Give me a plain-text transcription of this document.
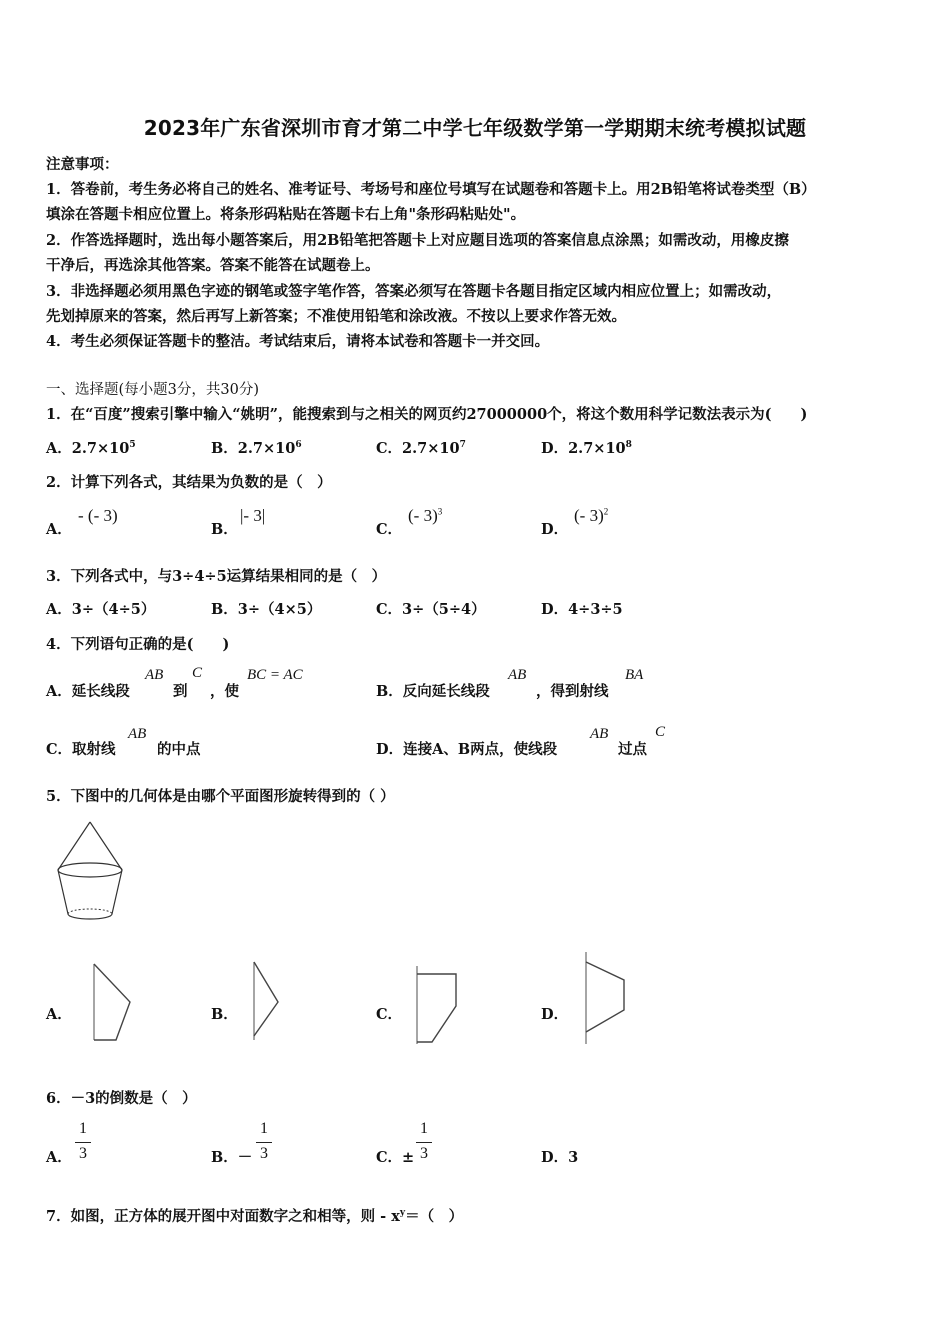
2023年广东省深圳市育才第二中学七年级数学第一学期期末统考模拟试题
注意事项：
1．答卷前，考生务必将自己的姓名、准考证号、考场号和座位号填写在试题卷和答题卡上。用2B铅笔将试卷类型（B）
填涂在答题卡相应位置上。将条形码粘贴在答题卡右上角"条形码粘贴处"。
2．作答选择题时，选出每小题答案后，用2B铅笔把答题卡上对应题目选项的答案信息点涂黑；如需改动，用橡皮擦
干净后，再选涂其他答案。答案不能答在试题卷上。
3．非选择题必须用黑色字迹的钢笔或签字笔作答，答案必须写在答题卡各题目指定区域内相应位置上；如需改动，
先划掉原来的答案，然后再写上新答案；不准使用铅笔和涂改液。不按以上要求作答无效。
4．考生必须保证答题卡的整洁。考试结束后，请将本试卷和答题卡一并交回。
一、选择题(每小题3分，共30分)
1．在“百度”搜索引擎中输入“姚明”，能搜索到与之相关的网页约27000000个，将这个数用科学记数法表示为(　　)
A．$2.7\times 10^5$	B．$2.7\times 10^6$	C．$2.7\times 10^7$	D．$2.7\times 10^8$
2．计算下列各式，其结果为负数的是（　）
A．
- (- 3)
B．
|- 3|
C．
(- 3)$^3$
D．
(- 3)$^2$
3．下列各式中，与3÷4÷5运算结果相同的是（　）
A．3÷（4÷5）	B．3÷（4×5）	C．3÷（5÷4）	D．4÷3÷5
4．下列语句正确的是(　　)
A．延长线段
AB
到
C
，使
BC = AC
B．反向延长线段
AB
，得到射线
BA
C．取射线
AB
的中点	D．连接A、B两点，使线段
AB
过点
C
5．下图中的几何体是由哪个平面图形旋转得到的（ ）
A．	B．	C．	D．
6．－3的倒数是（　）
A．
1
3	B．－
1
3	C．±
1
3	D．3
7．如图，正方体的展开图中对面数字之和相等，则 - $x^y=$（　）
